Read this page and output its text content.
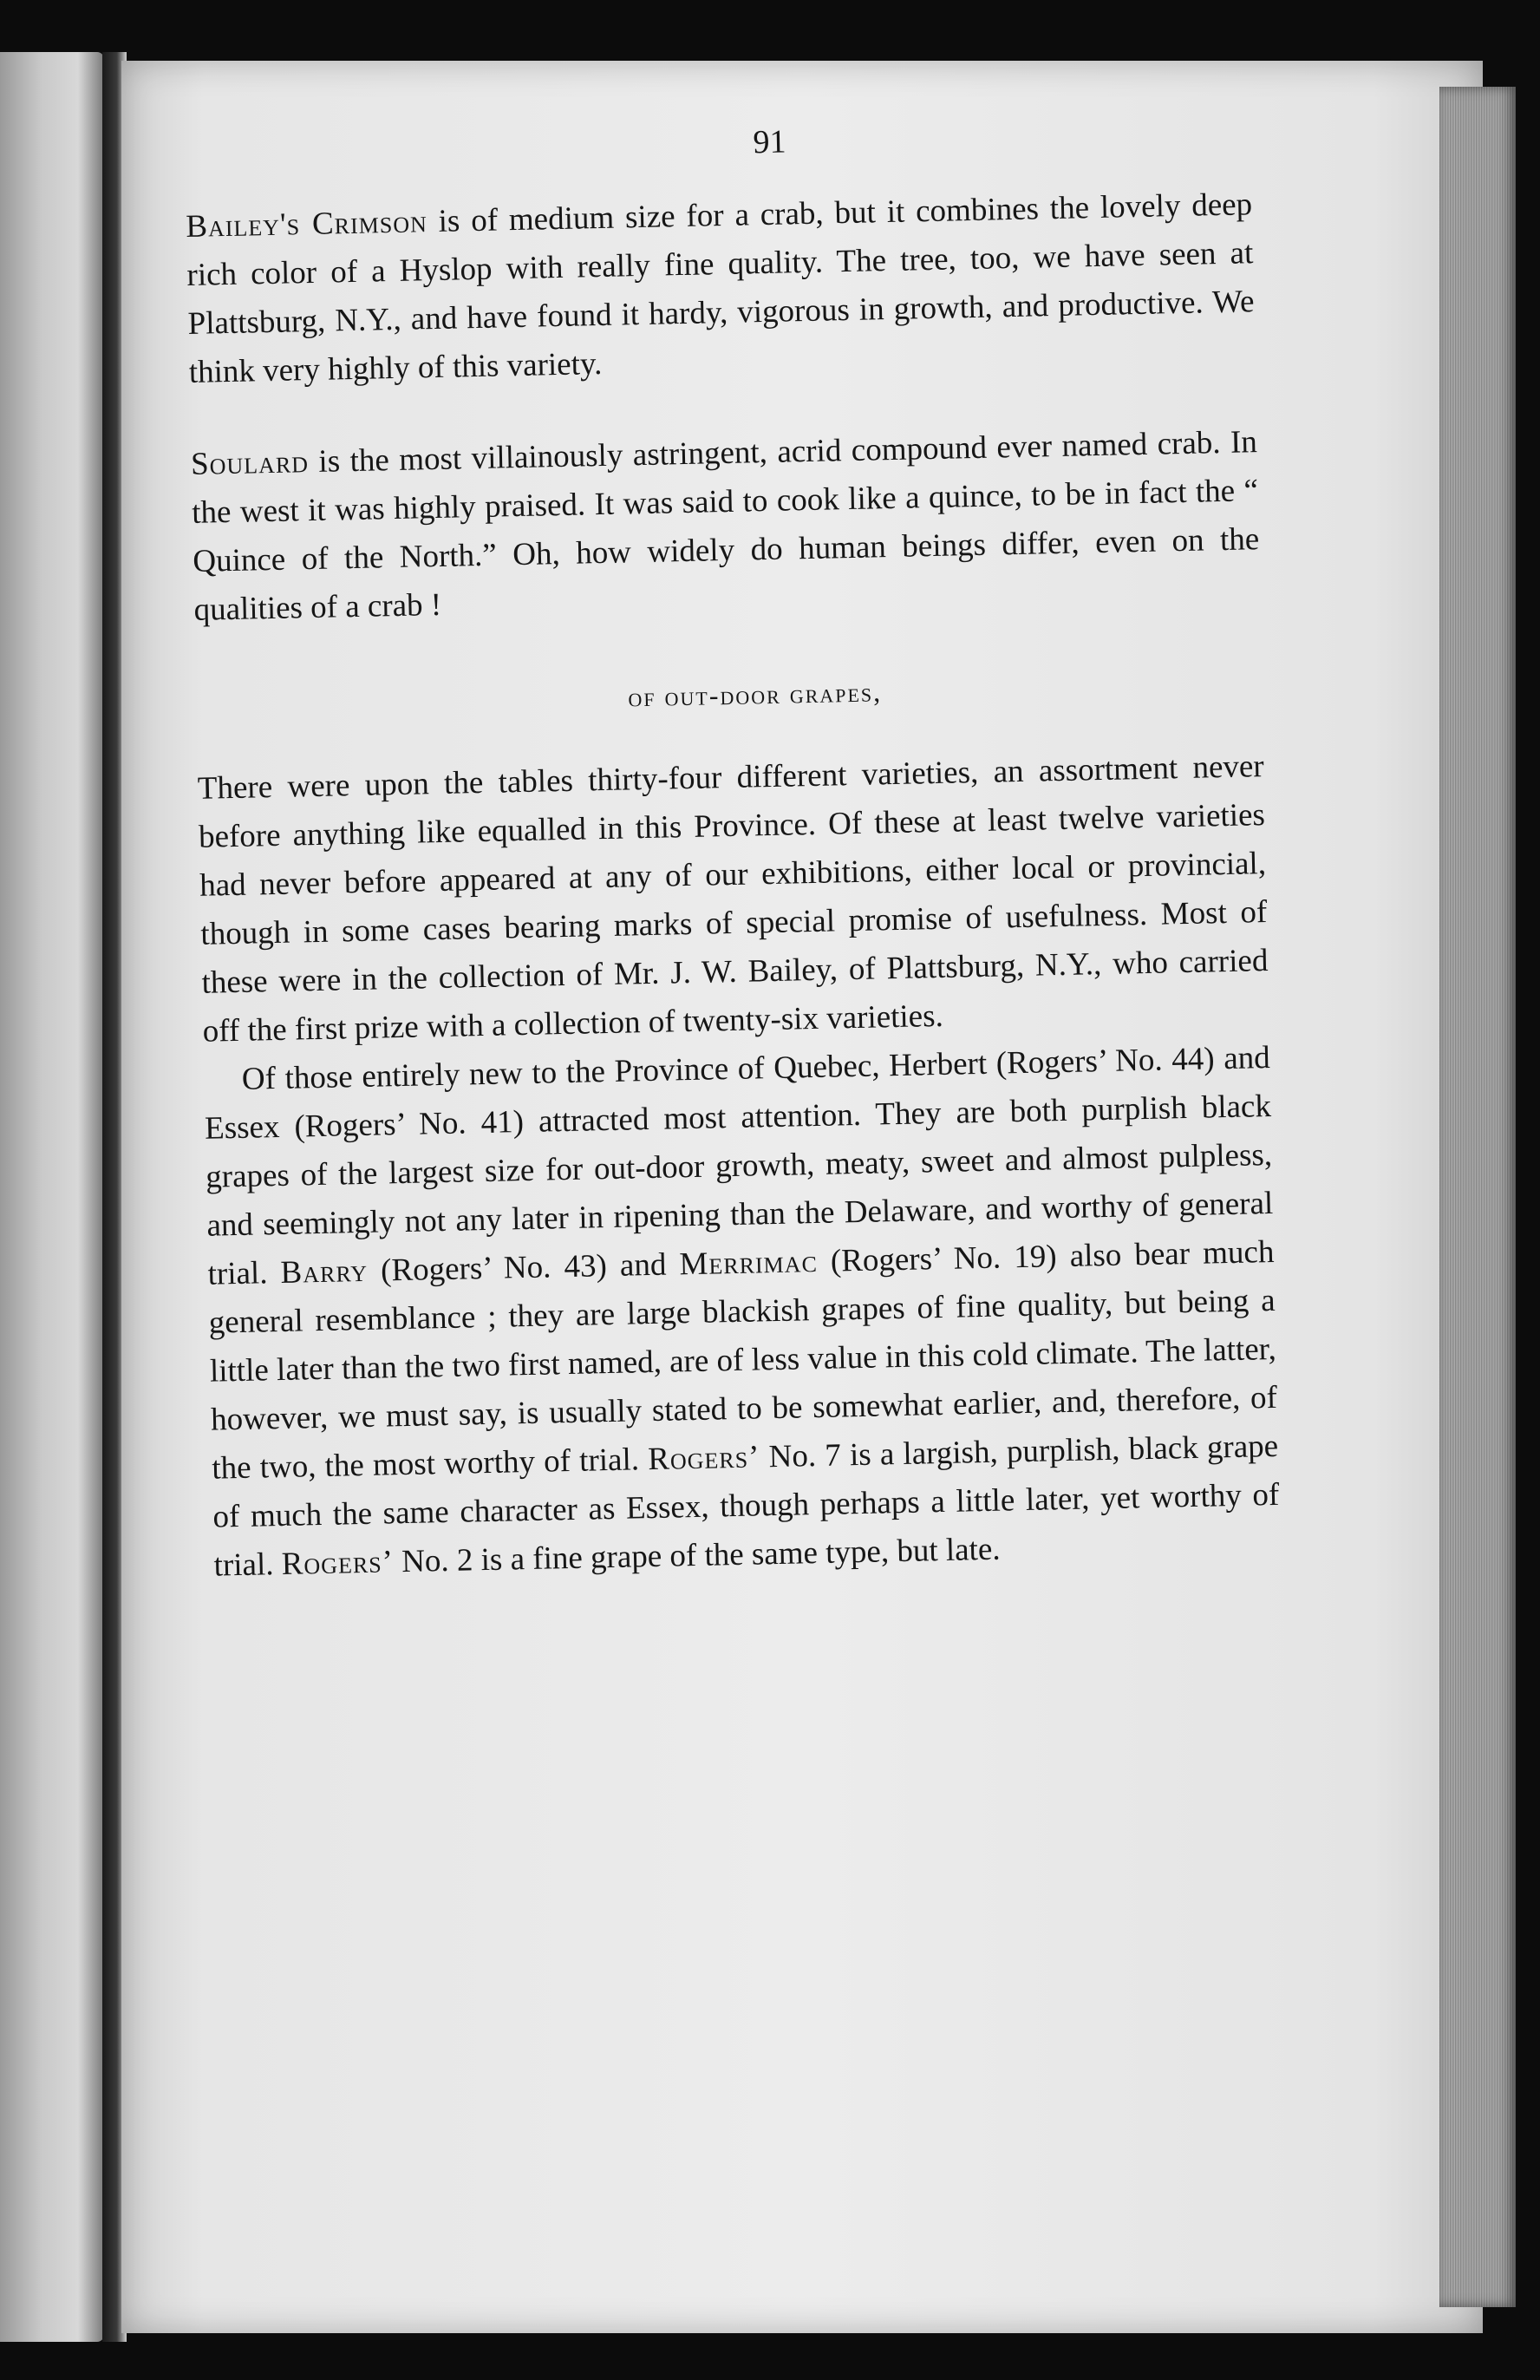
91

Bailey's Crimson is of medium size for a crab, but it combines the lovely deep rich color of a Hyslop with really fine quality. The tree, too, we have seen at Plattsburg, N.Y., and have found it hardy, vigorous in growth, and productive. We think very highly of this variety.

Soulard is the most villainously astringent, acrid compound ever named crab. In the west it was highly praised. It was said to cook like a quince, to be in fact the “ Quince of the North.” Oh, how widely do human beings differ, even on the qualities of a crab !

of out-door grapes,

There were upon the tables thirty-four different varieties, an assortment never before anything like equalled in this Province. Of these at least twelve varieties had never before appeared at any of our exhibitions, either local or provincial, though in some cases bearing marks of special promise of usefulness. Most of these were in the collection of Mr. J. W. Bailey, of Plattsburg, N.Y., who carried off the first prize with a collection of twenty-six varieties.

Of those entirely new to the Province of Quebec, Herbert (Rogers’ No. 44) and Essex (Rogers’ No. 41) attracted most attention. They are both purplish black grapes of the largest size for out-door growth, meaty, sweet and almost pulpless, and seemingly not any later in ripening than the Delaware, and worthy of general trial. Barry (Rogers’ No. 43) and Merrimac (Rogers’ No. 19) also bear much general resemblance ; they are large blackish grapes of fine quality, but being a little later than the two first named, are of less value in this cold climate. The latter, however, we must say, is usually stated to be somewhat earlier, and, therefore, of the two, the most worthy of trial. Rogers’ No. 7 is a largish, purplish, black grape of much the same character as Essex, though perhaps a little later, yet worthy of trial. Rogers’ No. 2 is a fine grape of the same type, but late.
